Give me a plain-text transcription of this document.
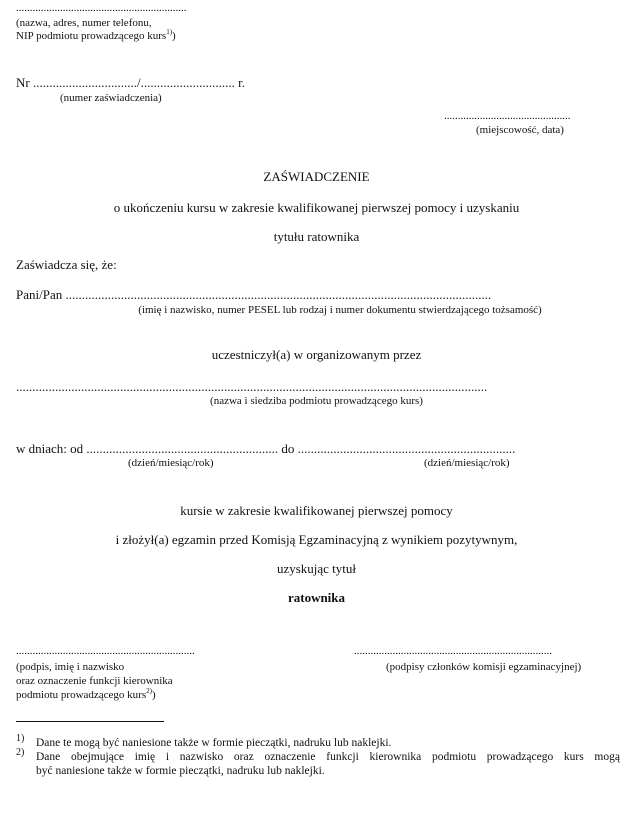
..............................................................
(nazwa, adres, numer telefonu,
NIP podmiotu prowadzącego kurs$^{1)}$)
Nr ................................/............................. r.
(numer zaświadczenia)
..............................................
(miejscowość, data)
ZAŚWIADCZENIE
o ukończeniu kursu w zakresie kwalifikowanej pierwszej pomocy i uzyskaniu
tytułu ratownika
Zaświadcza się, że:
Pani/Pan ...................................................................................................................................
(imię i nazwisko, numer PESEL lub rodzaj i numer dokumentu stwierdzającego tożsamość)
uczestniczył(a) w organizowanym przez
.................................................................................................................................................
(nazwa i siedziba podmiotu prowadzącego kurs)
w dniach: od ........................................................... do ...................................................................
(dzień/miesiąc/rok)	(dzień/miesiąc/rok)
kursie w zakresie kwalifikowanej pierwszej pomocy
i złożył(a) egzamin przed Komisją Egzaminacyjną z wynikiem pozytywnym,
uzyskując tytuł
ratownika
.................................................................	........................................................................
(podpis, imię i nazwisko	(podpisy członków komisji egzaminacyjnej)
oraz oznaczenie funkcji kierownika
podmiotu prowadzącego kurs$^{2)}$)
1) Dane te mogą być naniesione także w formie pieczątki, nadruku lub naklejki.
2) Dane obejmujące imię i nazwisko oraz oznaczenie funkcji kierownika podmiotu prowadzącego kurs mogą
być naniesione także w formie pieczątki, nadruku lub naklejki.
